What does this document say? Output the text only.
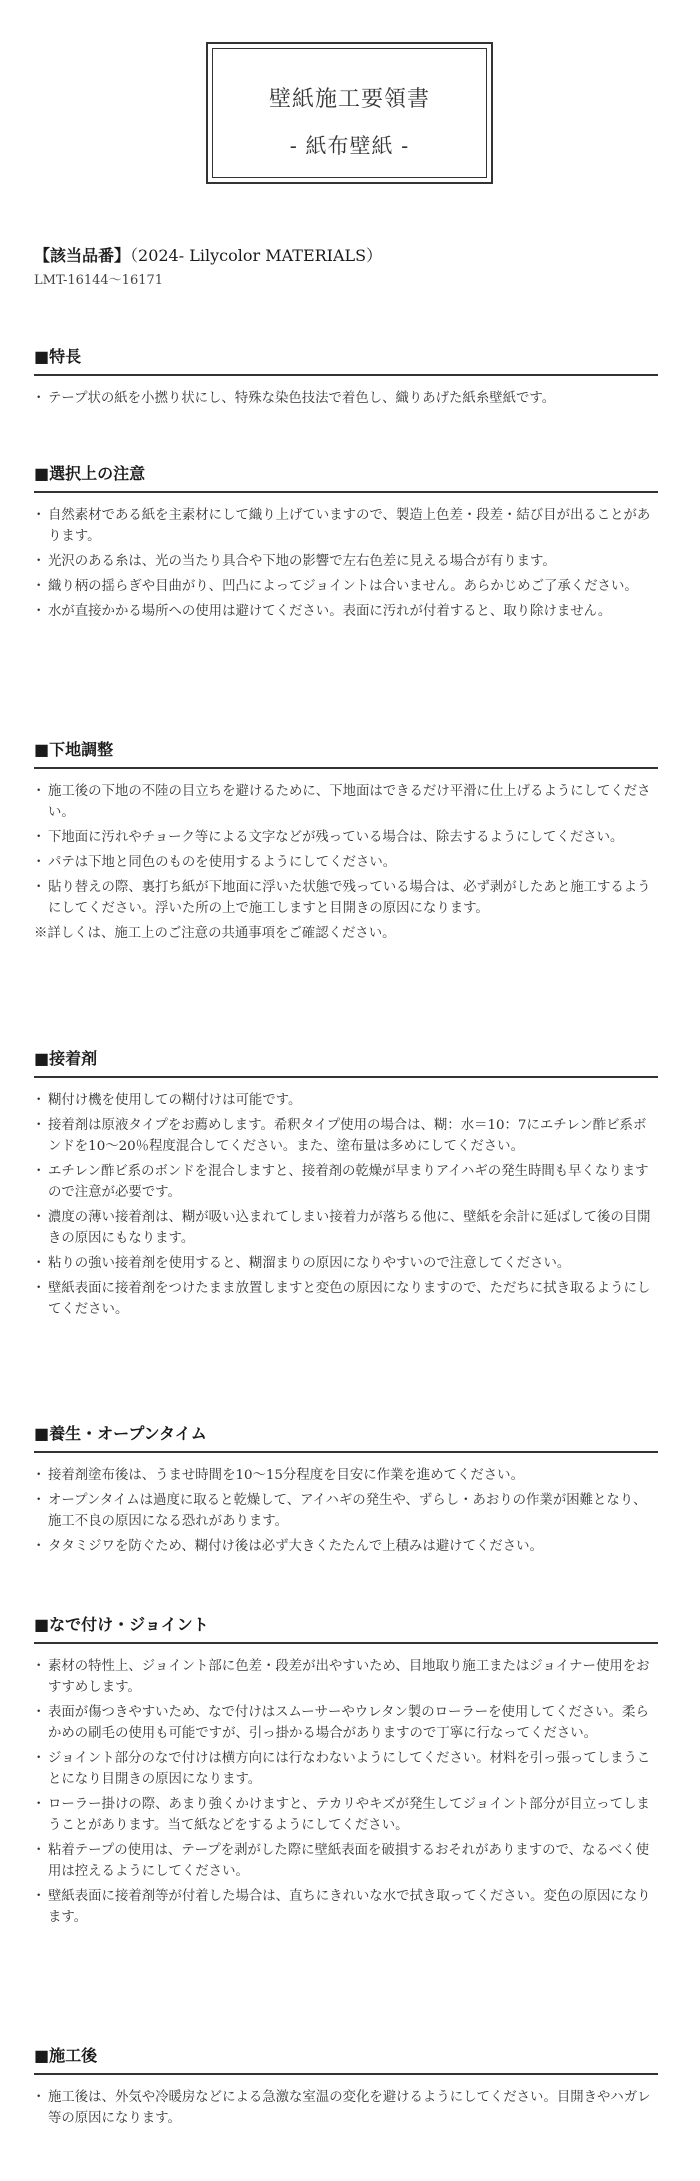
壁紙施工要領書
- 紙布壁紙 -
【該当品番】（2024- Lilycolor MATERIALS）
LMT-16144～16171
■特長
・ テープ状の紙を小撚り状にし、特殊な染色技法で着色し、織りあげた紙糸壁紙です。
■選択上の注意
・ 自然素材である紙を主素材にして織り上げていますので、製造上色差・段差・結び目が出ることがあります。
・ 光沢のある糸は、光の当たり具合や下地の影響で左右色差に見える場合が有ります。
・ 織り柄の揺らぎや目曲がり、凹凸によってジョイントは合いません。あらかじめご了承ください。
・ 水が直接かかる場所への使用は避けてください。表面に汚れが付着すると、取り除けません。
■下地調整
・ 施工後の下地の不陸の目立ちを避けるために、下地面はできるだけ平滑に仕上げるようにしてください。
・ 下地面に汚れやチョーク等による文字などが残っている場合は、除去するようにしてください。
・ パテは下地と同色のものを使用するようにしてください。
・ 貼り替えの際、裏打ち紙が下地面に浮いた状態で残っている場合は、必ず剥がしたあと施工するようにしてください。浮いた所の上で施工しますと目開きの原因になります。
※詳しくは、施工上のご注意の共通事項をご確認ください。
■接着剤
・ 糊付け機を使用しての糊付けは可能です。
・ 接着剤は原液タイプをお薦めします。希釈タイプ使用の場合は、糊：水＝10：7にエチレン酢ビ系ボンドを10～20％程度混合してください。また、塗布量は多めにしてください。
・ エチレン酢ビ系のボンドを混合しますと、接着剤の乾燥が早まりアイハギの発生時間も早くなりますので注意が必要です。
・ 濃度の薄い接着剤は、糊が吸い込まれてしまい接着力が落ちる他に、壁紙を余計に延ばして後の目開きの原因にもなります。
・ 粘りの強い接着剤を使用すると、糊溜まりの原因になりやすいので注意してください。
・ 壁紙表面に接着剤をつけたまま放置しますと変色の原因になりますので、ただちに拭き取るようにしてください。
■養生・オープンタイム
・ 接着剤塗布後は、うませ時間を10～15分程度を目安に作業を進めてください。
・ オープンタイムは過度に取ると乾燥して、アイハギの発生や、ずらし・あおりの作業が困難となり、施工不良の原因になる恐れがあります。
・ タタミジワを防ぐため、糊付け後は必ず大きくたたんで上積みは避けてください。
■なで付け・ジョイント
・ 素材の特性上、ジョイント部に色差・段差が出やすいため、目地取り施工またはジョイナー使用をおすすめします。
・ 表面が傷つきやすいため、なで付けはスムーサーやウレタン製のローラーを使用してください。柔らかめの刷毛の使用も可能ですが、引っ掛かる場合がありますので丁寧に行なってください。
・ ジョイント部分のなで付けは横方向には行なわないようにしてください。材料を引っ張ってしまうことになり目開きの原因になります。
・ ローラー掛けの際、あまり強くかけますと、テカリやキズが発生してジョイント部分が目立ってしまうことがあります。当て紙などをするようにしてください。
・ 粘着テープの使用は、テープを剥がした際に壁紙表面を破損するおそれがありますので、なるべく使用は控えるようにしてください。
・ 壁紙表面に接着剤等が付着した場合は、直ちにきれいな水で拭き取ってください。変色の原因になります。
■施工後
・ 施工後は、外気や冷暖房などによる急激な室温の変化を避けるようにしてください。目開きやハガレ等の原因になります。
